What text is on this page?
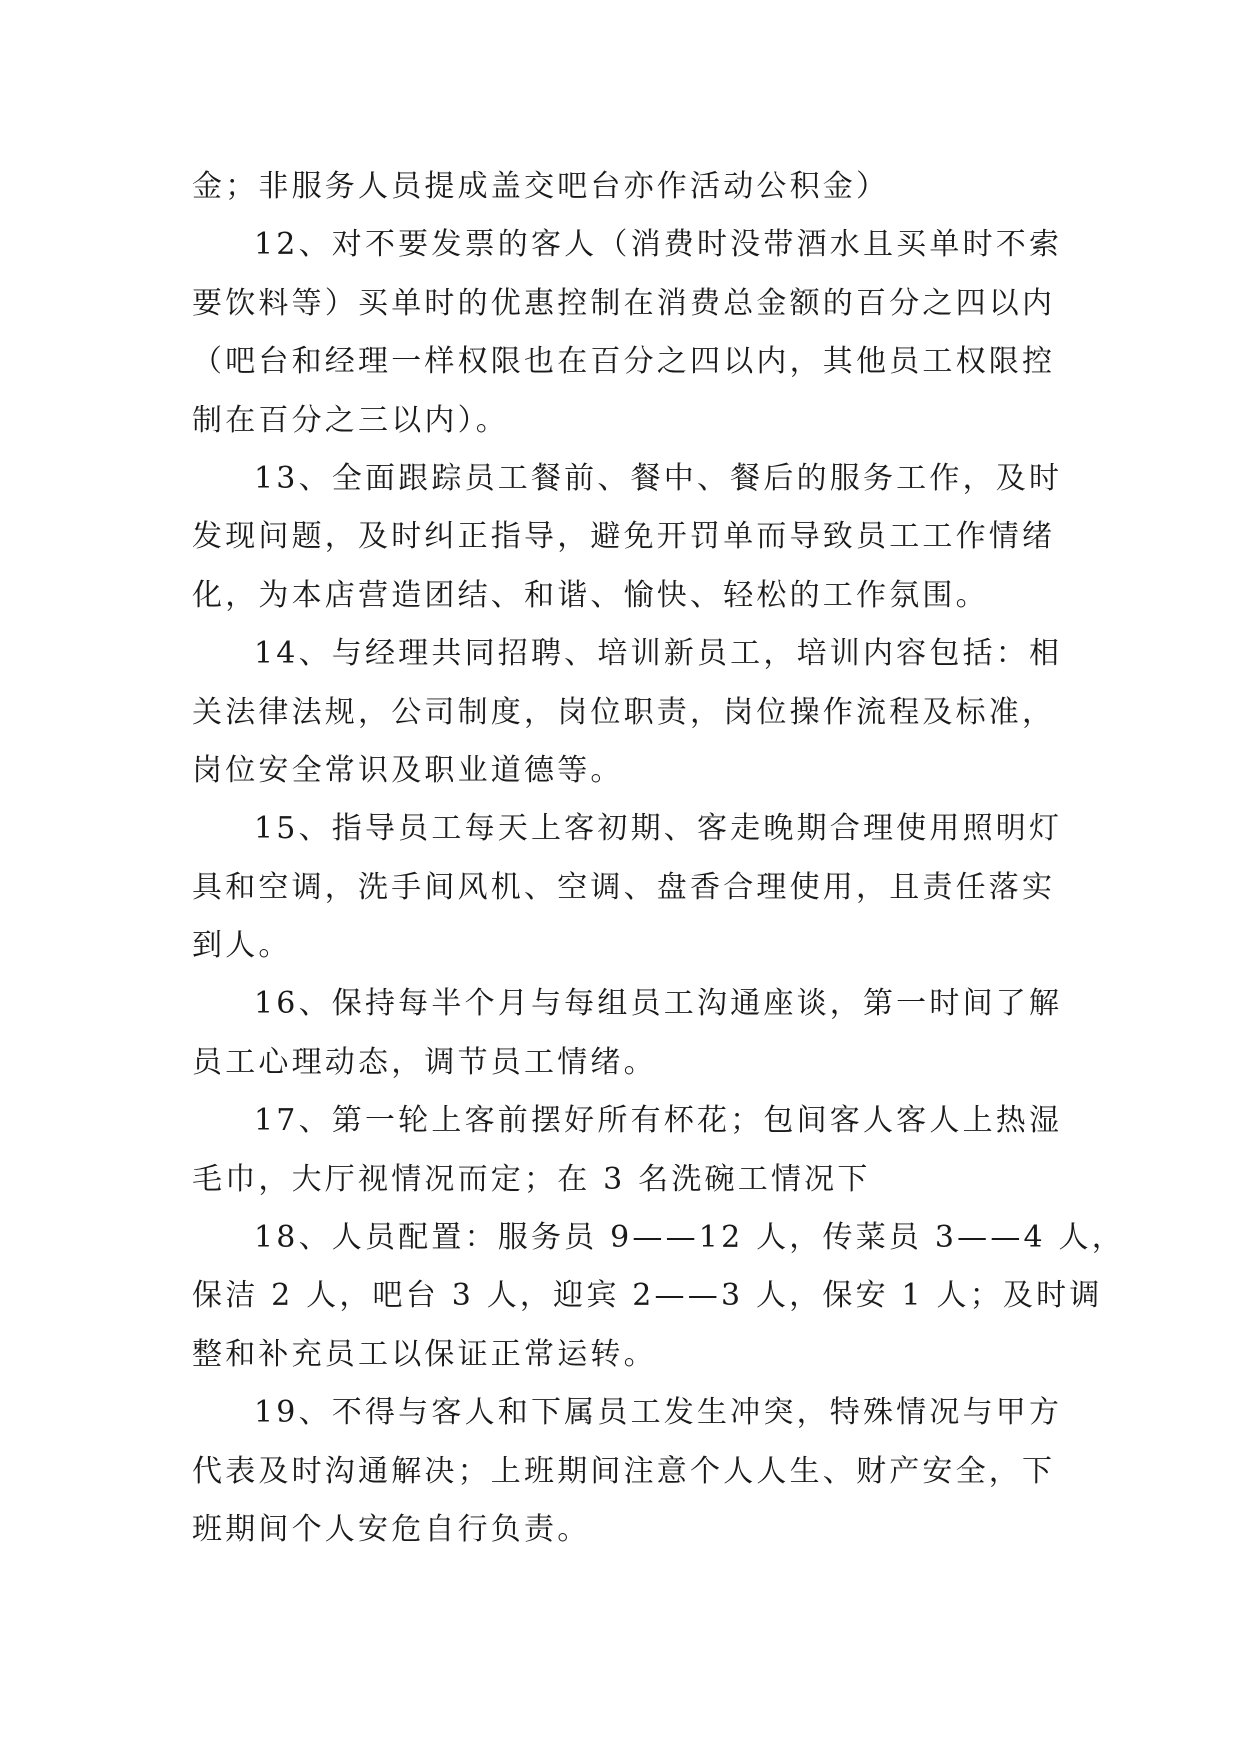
金；非服务人员提成盖交吧台亦作活动公积金）
12、对不要发票的客人（消费时没带酒水且买单时不索
要饮料等）买单时的优惠控制在消费总金额的百分之四以内
（吧台和经理一样权限也在百分之四以内，其他员工权限控
制在百分之三以内）。
13、全面跟踪员工餐前、餐中、餐后的服务工作，及时
发现问题，及时纠正指导，避免开罚单而导致员工工作情绪
化，为本店营造团结、和谐、愉快、轻松的工作氛围。
14、与经理共同招聘、培训新员工，培训内容包括：相
关法律法规，公司制度，岗位职责，岗位操作流程及标准，
岗位安全常识及职业道德等。
15、指导员工每天上客初期、客走晚期合理使用照明灯
具和空调，洗手间风机、空调、盘香合理使用，且责任落实
到人。
16、保持每半个月与每组员工沟通座谈，第一时间了解
员工心理动态，调节员工情绪。
17、第一轮上客前摆好所有杯花；包间客人客人上热湿
毛巾，大厅视情况而定；在 3 名洗碗工情况下
18、人员配置：服务员 9——12 人，传菜员 3——4 人，
保洁 2 人，吧台 3 人，迎宾 2——3 人，保安 1 人；及时调
整和补充员工以保证正常运转。
19、不得与客人和下属员工发生冲突，特殊情况与甲方
代表及时沟通解决；上班期间注意个人人生、财产安全，下
班期间个人安危自行负责。
